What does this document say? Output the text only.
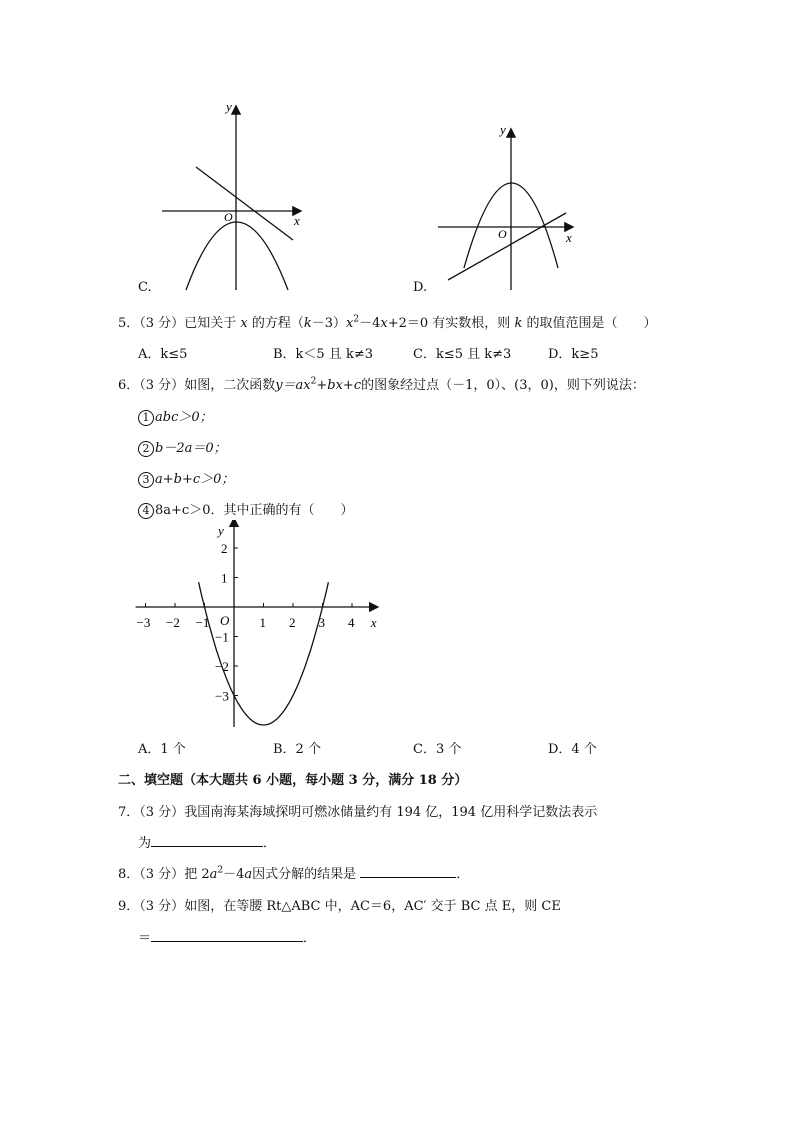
y
x
O
C.
y
x
O
D.
5．（3 分）已知关于 x 的方程$(k-3)x^2-4x+2=0$ 有实数根，则 k 的取值范围是（　　）
A．k≤5	B．k＜5 且 k≠3	C．k≤5 且 k≠3	D．k≥5
6．（3 分）如图，二次函数$y=ax^2+bx+c$的图象经过点（－1，0）、(3，0)，则下列说法：
1 abc＞0；
2 b－2a＝0；
3 a+b+c＞0；
4 8a+c＞0．其中正确的有（　　）
−3 −2 −1	1 2 3 4
2
1
−1
−2
−3
x
y
O
A．1 个	B．2 个	C．3 个	D．4 个
二、填空题（本大题共 6 小题，每小题 3 分，满分 18 分）
7．（3 分）我国南海某海域探明可燃冰储量约有 194 亿，194 亿用科学记数法表示
为	．
8．（3 分）把 $2a^2-4a$因式分解的结果是	．
9．（3 分）如图，在等腰 Rt△ABC 中，AC＝6，AC′ 交于 BC 点 E，则 CE
＝	．
